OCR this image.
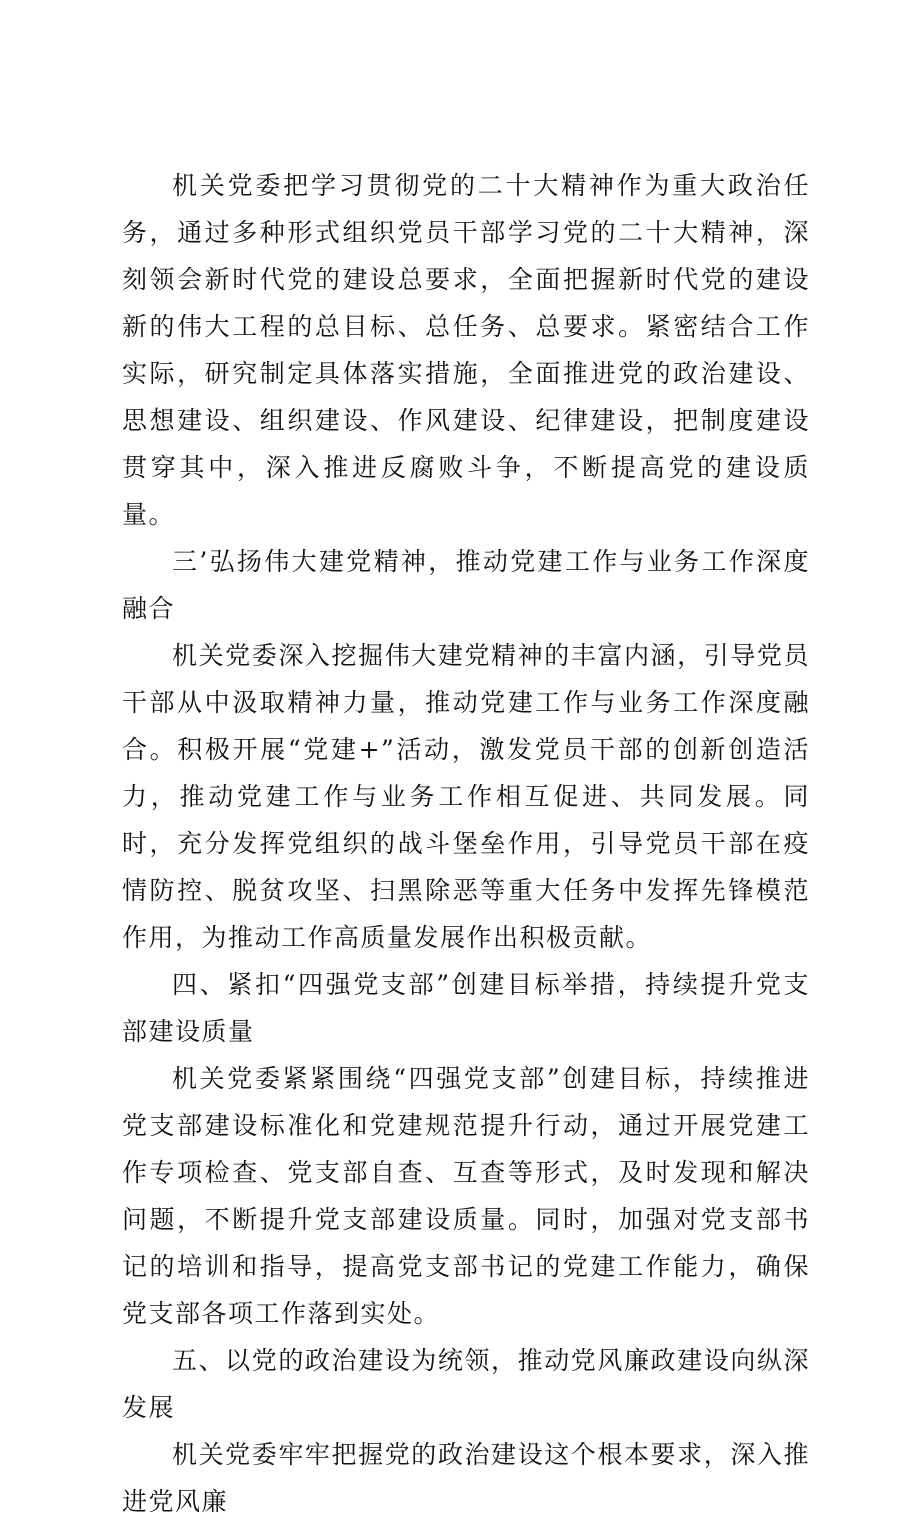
机关党委把学习贯彻党的二十大精神作为重大政治任务，通过多种形式组织党员干部学习党的二十大精神，深刻领会新时代党的建设总要求，全面把握新时代党的建设新的伟大工程的总目标、总任务、总要求。紧密结合工作实际，研究制定具体落实措施，全面推进党的政治建设、思想建设、组织建设、作风建设、纪律建设，把制度建设贯穿其中，深入推进反腐败斗争，不断提高党的建设质量。

三’弘扬伟大建党精神，推动党建工作与业务工作深度融合

机关党委深入挖掘伟大建党精神的丰富内涵，引导党员干部从中汲取精神力量，推动党建工作与业务工作深度融合。积极开展“党建+”活动，激发党员干部的创新创造活力，推动党建工作与业务工作相互促进、共同发展。同时，充分发挥党组织的战斗堡垒作用，引导党员干部在疫情防控、脱贫攻坚、扫黑除恶等重大任务中发挥先锋模范作用，为推动工作高质量发展作出积极贡献。

四、紧扣“四强党支部”创建目标举措，持续提升党支部建设质量

机关党委紧紧围绕“四强党支部”创建目标，持续推进党支部建设标准化和党建规范提升行动，通过开展党建工作专项检查、党支部自查、互查等形式，及时发现和解决问题，不断提升党支部建设质量。同时，加强对党支部书记的培训和指导，提高党支部书记的党建工作能力，确保党支部各项工作落到实处。

五、以党的政治建设为统领，推动党风廉政建设向纵深发展

机关党委牢牢把握党的政治建设这个根本要求，深入推进党风廉
